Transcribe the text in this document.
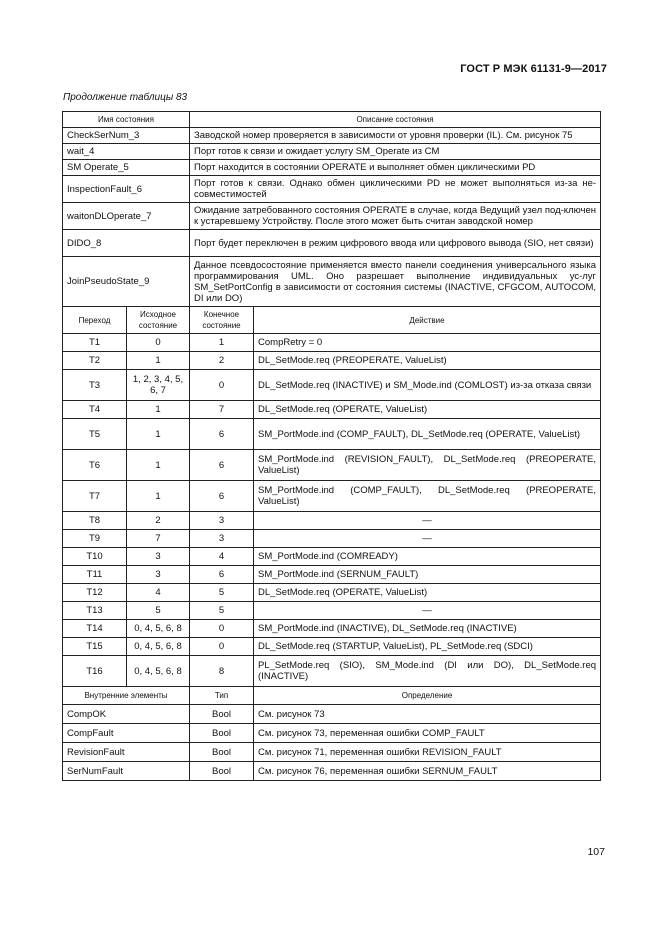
ГОСТ Р МЭК 61131-9—2017
Продолжение таблицы 83
Имя состояния		Описание состояния	
CheckSerNum_3		Заводской номер проверяется в зависимости от уровня проверки (IL). См. рисунок 75	
wait_4		Порт готов к связи и ожидает услугу SM_Operate из CM	
SM Operate_5		Порт находится в состоянии OPERATE и выполняет обмен циклическими PD	
InspectionFault_6		Порт готов к связи. Однако обмен циклическими PD не может выполняться из-за не-совместимостей	
waitonDLOperate_7		Ожидание затребованного состояния OPERATE в случае, когда Ведущий узел под-ключен к устаревшему Устройству. После этого может быть считан заводской номер	
DIDO_8		Порт будет переключен в режим цифрового ввода или цифрового вывода (SIO, нет связи)	
JoinPseudoState_9		Данное псевдосостояние применяется вместо панели соединения универсального языка программирования UML. Оно разрешает выполнение индивидуальных ус-луг SM_SetPortConfig в зависимости от состояния системы (INACTIVE, CFGCOM, AUTOCOM, DI или DO)	
Переход	Исходное состояние	Конечное состояние	Действие
T1	0	1	CompRetry = 0
T2	1	2	DL_SetMode.req (PREOPERATE, ValueList)
T3	1, 2, 3, 4, 5, 6, 7	0	DL_SetMode.req (INACTIVE) и SM_Mode.ind (COMLOST) из-за отказа связи
T4	1	7	DL_SetMode.req (OPERATE, ValueList)
T5	1	6	SM_PortMode.ind (COMP_FAULT), DL_SetMode.req (OPERATE, ValueList)
T6	1	6	SM_PortMode.ind (REVISION_FAULT), DL_SetMode.req (PREOPERATE, ValueList)
T7	1	6	SM_PortMode.ind (COMP_FAULT), DL_SetMode.req (PREOPERATE, ValueList)
T8	2	3	—
T9	7	3	—
T10	3	4	SM_PortMode.ind (COMREADY)
T11	3	6	SM_PortMode.ind (SERNUM_FAULT)
T12	4	5	DL_SetMode.req (OPERATE, ValueList)
T13	5	5	—
T14	0, 4, 5, 6, 8	0	SM_PortMode.ind (INACTIVE), DL_SetMode.req (INACTIVE)
T15	0, 4, 5, 6, 8	0	DL_SetMode.req (STARTUP, ValueList), PL_SetMode.req (SDCI)
T16	0, 4, 5, 6, 8	8	PL_SetMode.req (SIO), SM_Mode.ind (DI или DO), DL_SetMode.req (INACTIVE)
Внутренние элементы		Тип	Определение
CompOK		Bool	См. рисунок 73
CompFault		Bool	См. рисунок 73, переменная ошибки COMP_FAULT
RevisionFault		Bool	См. рисунок 71, переменная ошибки REVISION_FAULT
SerNumFault		Bool	См. рисунок 76, переменная ошибки SERNUM_FAULT
107
